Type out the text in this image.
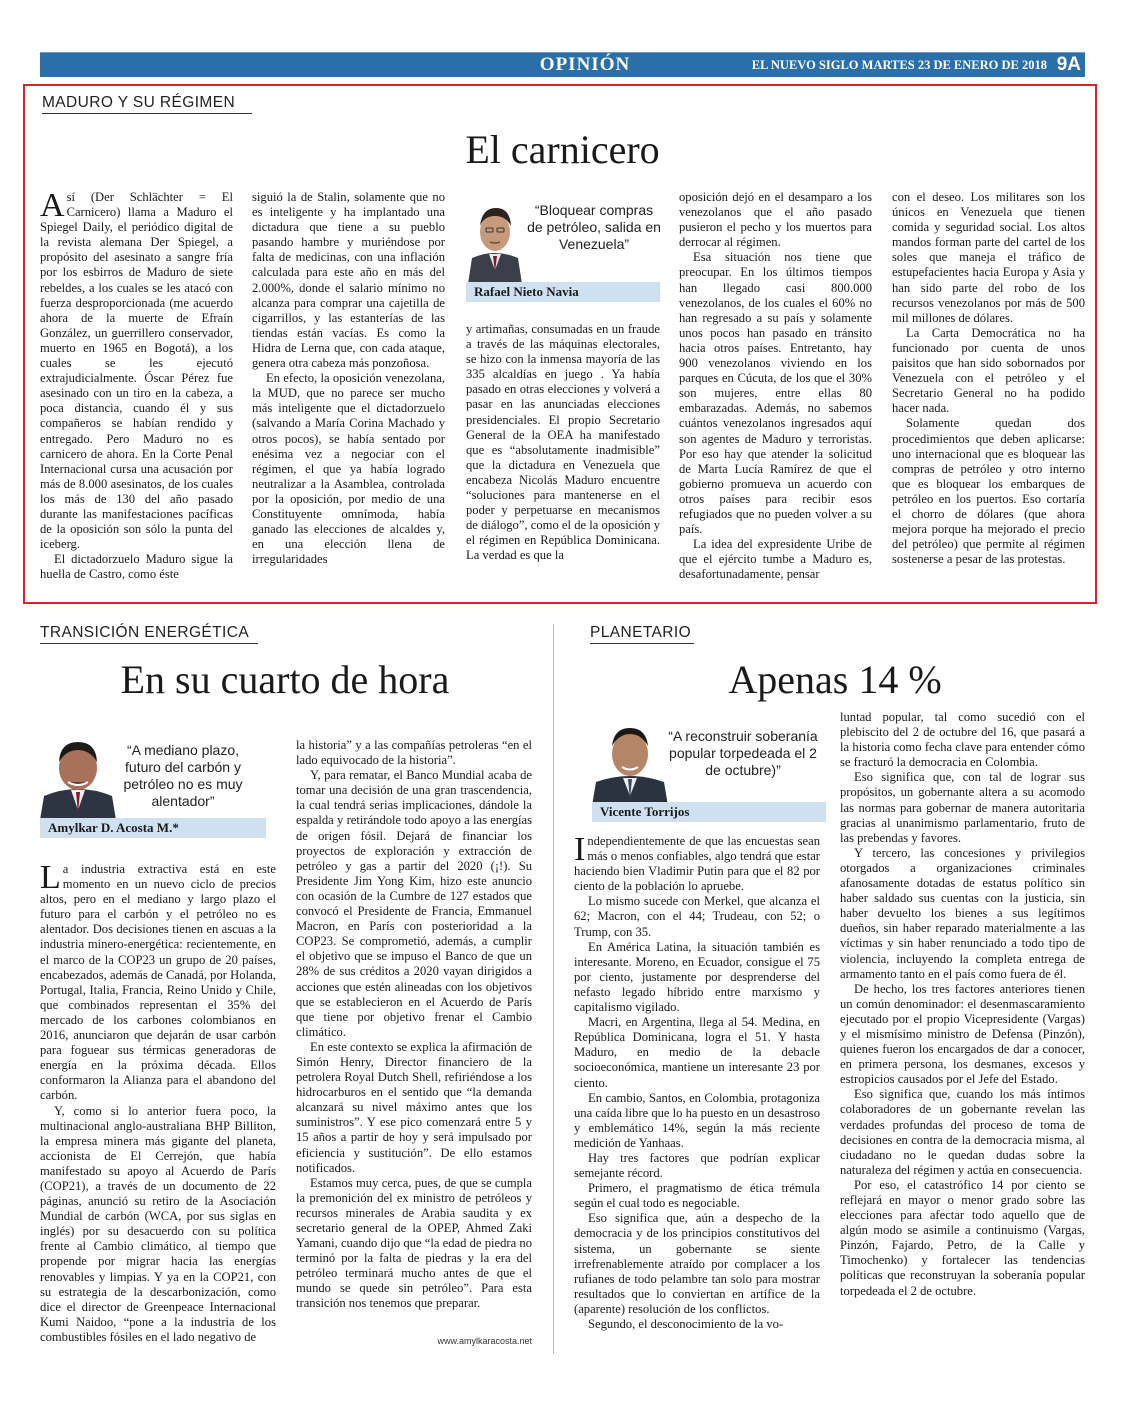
OPINIÓN	EL NUEVO SIGLO MARTES 23 DE ENERO DE 2018 9A
MADURO Y SU RÉGIMEN
El carnicero

Así (Der Schlächter = El Carnicero) llama a Maduro el Spiegel Daily, el periódico digital de la revista alemana Der Spiegel, a propósito del asesinato a sangre fría por los esbirros de Maduro de siete rebeldes, a los cuales se les atacó con fuerza desproporcionada (me acuerdo ahora de la muerte de Efraín González, un guerrillero conservador, muerto en 1965 en Bogotá), a los cuales se les ejecutó extrajudicialmente. Óscar Pérez fue asesinado con un tiro en la cabeza, a poca distancia, cuando él y sus compañeros se habían rendido y entregado. Pero Maduro no es carnicero de ahora. En la Corte Penal Internacional cursa una acusación por más de 8.000 asesinatos, de los cuales los más de 130 del año pasado durante las manifestaciones pacíficas de la oposición son sólo la punta del iceberg.

El dictadorzuelo Maduro sigue la huella de Castro, como éste

siguió la de Stalin, solamente que no es inteligente y ha implantado una dictadura que tiene a su pueblo pasando hambre y muriéndose por falta de medicinas, con una inflación calculada para este año en más del 2.000%, donde el salario mínimo no alcanza para comprar una cajetilla de cigarrillos, y las estanterías de las tiendas están vacías. Es como la Hidra de Lerna que, con cada ataque, genera otra cabeza más ponzoñosa.

En efecto, la oposición venezolana, la MUD, que no parece ser mucho más inteligente que el dictadorzuelo (salvando a María Corina Machado y otros pocos), se había sentado por enésima vez a negociar con el régimen, el que ya había logrado neutralizar a la Asamblea, controlada por la oposición, por medio de una Constituyente omnímoda, había ganado las elecciones de alcaldes y, en una elección llena de irregularidades

“Bloquear compras de petróleo, salida en Venezuela”
Rafael Nieto Navia

y artimañas, consumadas en un fraude a través de las máquinas electorales, se hizo con la inmensa mayoría de las 335 alcaldías en juego . Ya había pasado en otras elecciones y volverá a pasar en las anunciadas elecciones presidenciales. El propio Secretario General de la OEA ha manifestado que es “absolutamente inadmisible” que la dictadura en Venezuela que encabeza Nicolás Maduro encuentre “soluciones para mantenerse en el poder y perpetuarse en mecanismos de diálogo”, como el de la oposición y el régimen en República Dominicana. La verdad es que la

oposición dejó en el desamparo a los venezolanos que el año pasado pusieron el pecho y los muertos para derrocar al régimen.

Esa situación nos tiene que preocupar. En los últimos tiempos han llegado casi 800.000 venezolanos, de los cuales el 60% no han regresado a su país y solamente unos pocos han pasado en tránsito hacia otros países. Entretanto, hay 900 venezolanos viviendo en los parques en Cúcuta, de los que el 30% son mujeres, entre ellas 80 embarazadas. Además, no sabemos cuántos venezolanos ingresados aquí son agentes de Maduro y terroristas. Por eso hay que atender la solicitud de Marta Lucía Ramírez de que el gobierno promueva un acuerdo con otros países para recibir esos refugiados que no pueden volver a su país.

La idea del expresidente Uribe de que el ejército tumbe a Maduro es, desafortunadamente, pensar

con el deseo. Los militares son los únicos en Venezuela que tienen comida y seguridad social. Los altos mandos forman parte del cartel de los soles que maneja el tráfico de estupefacientes hacia Europa y Asia y han sido parte del robo de los recursos venezolanos por más de 500 mil millones de dólares.

La Carta Democrática no ha funcionado por cuenta de unos paisitos que han sido sobornados por Venezuela con el petróleo y el Secretario General no ha podido hacer nada.

Solamente quedan dos procedimientos que deben aplicarse: uno internacional que es bloquear las compras de petróleo y otro interno que es bloquear los embarques de petróleo en los puertos. Eso cortaría el chorro de dólares (que ahora mejora porque ha mejorado el precio del petróleo) que permite al régimen sostenerse a pesar de las protestas.

TRANSICIÓN ENERGÉTICA
En su cuarto de hora
“A mediano plazo, futuro del carbón y petróleo no es muy alentador”
Amylkar D. Acosta M.*

La industria extractiva está en este momento en un nuevo ciclo de precios altos, pero en el mediano y largo plazo el futuro para el carbón y el petróleo no es alentador. Dos decisiones tienen en ascuas a la industria minero-energética: recientemente, en el marco de la COP23 un grupo de 20 países, encabezados, además de Canadá, por Holanda, Portugal, Italia, Francia, Reino Unido y Chile, que combinados representan el 35% del mercado de los carbones colombianos en 2016, anunciaron que dejarán de usar carbón para foguear sus térmicas generadoras de energía en la próxima década. Ellos conformaron la Alianza para el abandono del carbón.

Y, como si lo anterior fuera poco, la multinacional anglo-australiana BHP Billiton, la empresa minera más gigante del planeta, accionista de El Cerrejón, que había manifestado su apoyo al Acuerdo de París (COP21), a través de un documento de 22 páginas, anunció su retiro de la Asociación Mundial de carbón (WCA, por sus siglas en inglés) por su desacuerdo con su política frente al Cambio climático, al tiempo que propende por migrar hacia las energías renovables y limpias. Y ya en la COP21, con su estrategia de la descarbonización, como dice el director de Greenpeace Internacional Kumi Naidoo, “pone a la industria de los combustibles fósiles en el lado negativo de

la historia” y a las compañías petroleras “en el lado equivocado de la historia”.

Y, para rematar, el Banco Mundial acaba de tomar una decisión de una gran trascendencia, la cual tendrá serias implicaciones, dándole la espalda y retirándole todo apoyo a las energías de origen fósil. Dejará de financiar los proyectos de exploración y extracción de petróleo y gas a partir del 2020 (¡!). Su Presidente Jim Yong Kim, hizo este anuncio con ocasión de la Cumbre de 127 estados que convocó el Presidente de Francia, Emmanuel Macron, en París con posterioridad a la COP23. Se comprometió, además, a cumplir el objetivo que se impuso el Banco de que un 28% de sus créditos a 2020 vayan dirigidos a acciones que estén alineadas con los objetivos que se establecieron en el Acuerdo de París que tiene por objetivo frenar el Cambio climático.

En este contexto se explica la afirmación de Simón Henry, Director financiero de la petrolera Royal Dutch Shell, refiriéndose a los hidrocarburos en el sentido que “la demanda alcanzará su nivel máximo antes que los suministros”. Y ese pico comenzará entre 5 y 15 años a partir de hoy y será impulsado por eficiencia y sustitución”. De ello estamos notificados.

Estamos muy cerca, pues, de que se cumpla la premonición del ex ministro de petróleos y recursos minerales de Arabia saudita y ex secretario general de la OPEP, Ahmed Zaki Yamani, cuando dijo que “la edad de piedra no terminó por la falta de piedras y la era del petróleo terminará mucho antes de que el mundo se quede sin petróleo”. Para esta transición nos tenemos que preparar.

www.amylkaracosta.net
PLANETARIO
Apenas 14 %
“A reconstruir soberanía popular torpedeada el 2 de octubre)”
Vicente Torrijos

Independientemente de que las encuestas sean más o menos confiables, algo tendrá que estar haciendo bien Vladimir Putin para que el 82 por ciento de la población lo apruebe.

Lo mismo sucede con Merkel, que alcanza el 62; Macron, con el 44; Trudeau, con 52; o Trump, con 35.

En América Latina, la situación también es interesante. Moreno, en Ecuador, consigue el 75 por ciento, justamente por desprenderse del nefasto legado híbrido entre marxismo y capitalismo vigilado.

Macri, en Argentina, llega al 54. Medina, en República Dominicana, logra el 51. Y hasta Maduro, en medio de la debacle socioeconómica, mantiene un interesante 23 por ciento.

En cambio, Santos, en Colombia, protagoniza una caída libre que lo ha puesto en un desastroso y emblemático 14%, según la más reciente medición de Yanhaas.

Hay tres factores que podrían explicar semejante récord.

Primero, el pragmatismo de ética trémula según el cual todo es negociable.

Eso significa que, aún a despecho de la democracia y de los principios constitutivos del sistema, un gobernante se siente irrefrenablemente atraído por complacer a los rufianes de todo pelambre tan solo para mostrar resultados que lo conviertan en artífice de la (aparente) resolución de los conflictos.

Segundo, el desconocimiento de la vo-

luntad popular, tal como sucedió con el plebiscito del 2 de octubre del 16, que pasará a la historia como fecha clave para entender cómo se fracturó la democracia en Colombia.

Eso significa que, con tal de lograr sus propósitos, un gobernante altera a su acomodo las normas para gobernar de manera autoritaria gracias al unanimismo parlamentario, fruto de las prebendas y favores.

Y tercero, las concesiones y privilegios otorgados a organizaciones criminales afanosamente dotadas de estatus político sin haber saldado sus cuentas con la justicia, sin haber devuelto los bienes a sus legítimos dueños, sin haber reparado materialmente a las víctimas y sin haber renunciado a todo tipo de violencia, incluyendo la completa entrega de armamento tanto en el país como fuera de él.

De hecho, los tres factores anteriores tienen un común denominador: el desenmascaramiento ejecutado por el propio Vicepresidente (Vargas) y el mismísimo ministro de Defensa (Pinzón), quienes fueron los encargados de dar a conocer, en primera persona, los desmanes, excesos y estropicios causados por el Jefe del Estado.

Eso significa que, cuando los más íntimos colaboradores de un gobernante revelan las verdades profundas del proceso de toma de decisiones en contra de la democracia misma, al ciudadano no le quedan dudas sobre la naturaleza del régimen y actúa en consecuencia.

Por eso, el catastrófico 14 por ciento se reflejará en mayor o menor grado sobre las elecciones para afectar todo aquello que de algún modo se asimile a continuismo (Vargas, Pinzón, Fajardo, Petro, de la Calle y Timochenko) y fortalecer las tendencias políticas que reconstruyan la soberanía popular torpedeada el 2 de octubre.
